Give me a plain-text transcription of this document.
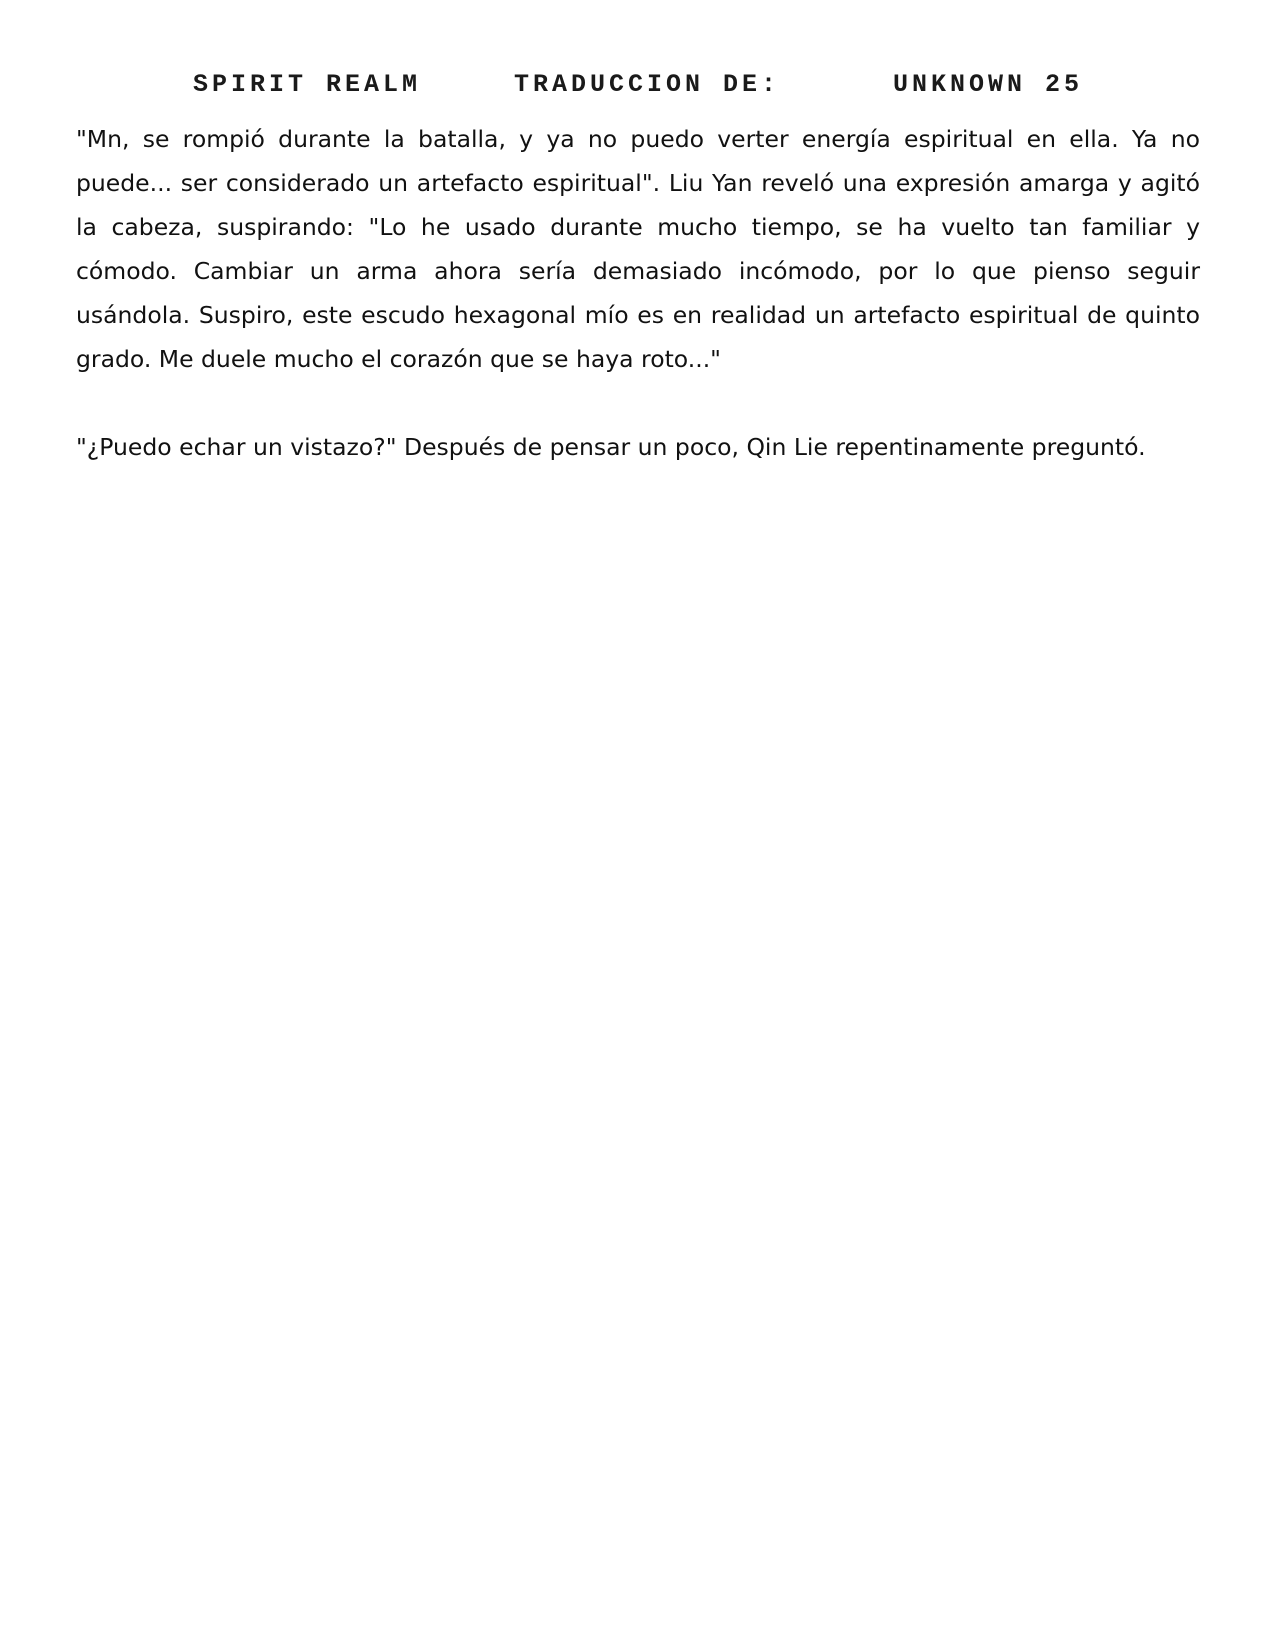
SPIRIT REALM	TRADUCCION DE:	UNKNOWN 25

"Mn, se rompió durante la batalla, y ya no puedo verter energía espiritual en ella. Ya no puede... ser considerado un artefacto espiritual". Liu Yan reveló una expresión amarga y agitó la cabeza, suspirando: "Lo he usado durante mucho tiempo, se ha vuelto tan familiar y cómodo. Cambiar un arma ahora sería demasiado incómodo, por lo que pienso seguir usándola. Suspiro, este escudo hexagonal mío es en realidad un artefacto espiritual de quinto grado. Me duele mucho el corazón que se haya roto..."

"¿Puedo echar un vistazo?" Después de pensar un poco, Qin Lie repentinamente preguntó.
